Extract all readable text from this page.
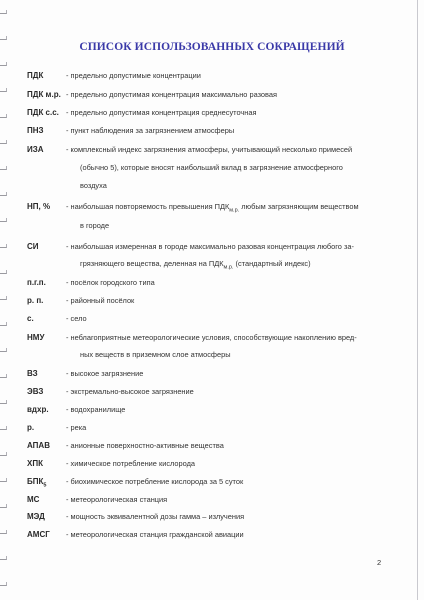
СПИСОК ИСПОЛЬЗОВАННЫХ СОКРАЩЕНИЙ
ПДК	- предельно допустимые концентрации
ПДК м.р. - предельно допустимая концентрация максимально разовая
ПДК с.с. - предельно допустимая концентрация среднесуточная
ПНЗ	- пункт наблюдения за загрязнением атмосферы
ИЗА	- комплексный индекс загрязнения атмосферы, учитывающий несколько примесей
(обычно 5), которые вносят наибольший вклад в загрязнение атмосферного
воздуха
НП, % - наибольшая повторяемость превышения $ПДК_{м.р.}$ любым загрязняющим веществом
в городе
СИ	- наибольшая измеренная в городе максимально разовая концентрация любого за-
грязняющего вещества, деленная на $ПДК_{м.р.}$ (стандартный индекс)
п.г.п.	- посёлок городского типа
р. п.	- районный посёлок
с.	- село
НМУ	- неблагоприятные метеорологические условия, способствующие накоплению вред-
ных веществ в приземном слое атмосферы
ВЗ	- высокое загрязнение
ЭВЗ	- экстремально-высокое загрязнение
вдхр. - водохранилище
р.	- река
АПАВ - анионные поверхностно-активные вещества
ХПК	- химическое потребление кислорода
$БПК_5$	- биохимическое потребление кислорода за 5 суток
МС	- метеорологическая станция
МЭД	- мощность эквивалентной дозы гамма – излучения
АМСГ - метеорологическая станция гражданской авиации
2
